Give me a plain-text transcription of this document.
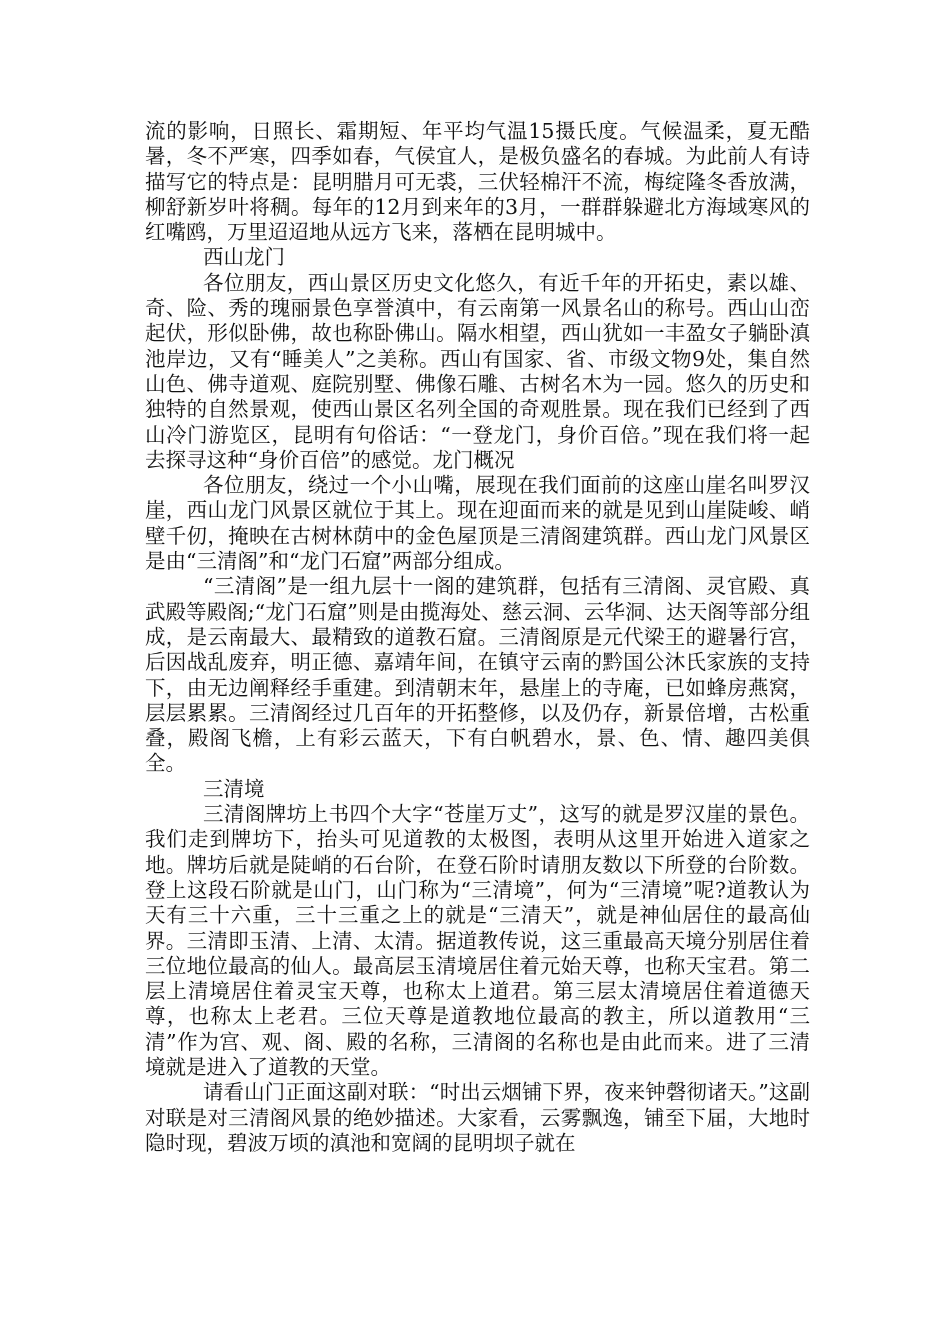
流的影响，日照长、霜期短、年平均气温15摄氏度。气候温柔，夏无酷暑，冬不严寒，四季如春，气侯宜人，是极负盛名的春城。为此前人有诗描写它的特点是：昆明腊月可无裘，三伏轻棉汗不流，梅绽隆冬香放满，柳舒新岁叶将稠。每年的12月到来年的3月，一群群躲避北方海域寒风的红嘴鸥，万里迢迢地从远方飞来，落栖在昆明城中。

西山龙门

各位朋友，西山景区历史文化悠久，有近千年的开拓史，素以雄、奇、险、秀的瑰丽景色享誉滇中，有云南第一风景名山的称号。西山山峦起伏，形似卧佛，故也称卧佛山。隔水相望，西山犹如一丰盈女子躺卧滇池岸边，又有“睡美人”之美称。西山有国家、省、市级文物9处，集自然山色、佛寺道观、庭院别墅、佛像石雕、古树名木为一园。悠久的历史和独特的自然景观，使西山景区名列全国的奇观胜景。现在我们已经到了西山冷门游览区，昆明有句俗话：“一登龙门，身价百倍。”现在我们将一起去探寻这种“身价百倍”的感觉。龙门概况

各位朋友，绕过一个小山嘴，展现在我们面前的这座山崖名叫罗汉崖，西山龙门风景区就位于其上。现在迎面而来的就是见到山崖陡峻、峭壁千仞，掩映在古树林荫中的金色屋顶是三清阁建筑群。西山龙门风景区是由“三清阁”和“龙门石窟”两部分组成。

“三清阁”是一组九层十一阁的建筑群，包括有三清阁、灵官殿、真武殿等殿阁;“龙门石窟”则是由揽海处、慈云洞、云华洞、达天阁等部分组成，是云南最大、最精致的道教石窟。三清阁原是元代梁王的避暑行宫，后因战乱废弃，明正德、嘉靖年间，在镇守云南的黔国公沐氏家族的支持下，由无边阐释经手重建。到清朝末年，悬崖上的寺庵，已如蜂房燕窝，层层累累。三清阁经过几百年的开拓整修，以及仍存，新景倍增，古松重叠，殿阁飞檐，上有彩云蓝天，下有白帆碧水，景、色、情、趣四美俱全。

三清境

三清阁牌坊上书四个大字“苍崖万丈”，这写的就是罗汉崖的景色。我们走到牌坊下，抬头可见道教的太极图，表明从这里开始进入道家之地。牌坊后就是陡峭的石台阶，在登石阶时请朋友数以下所登的台阶数。登上这段石阶就是山门，山门称为“三清境”，何为“三清境”呢?道教认为天有三十六重，三十三重之上的就是“三清天”，就是神仙居住的最高仙界。三清即玉清、上清、太清。据道教传说，这三重最高天境分别居住着三位地位最高的仙人。最高层玉清境居住着元始天尊，也称天宝君。第二层上清境居住着灵宝天尊，也称太上道君。第三层太清境居住着道德天尊，也称太上老君。三位天尊是道教地位最高的教主，所以道教用“三清”作为宫、观、阁、殿的名称，三清阁的名称也是由此而来。进了三清境就是进入了道教的天堂。

请看山门正面这副对联：“时出云烟铺下界，夜来钟磬彻诸天。”这副对联是对三清阁风景的绝妙描述。大家看，云雾飘逸，铺至下届，大地时隐时现，碧波万顷的滇池和宽阔的昆明坝子就在
